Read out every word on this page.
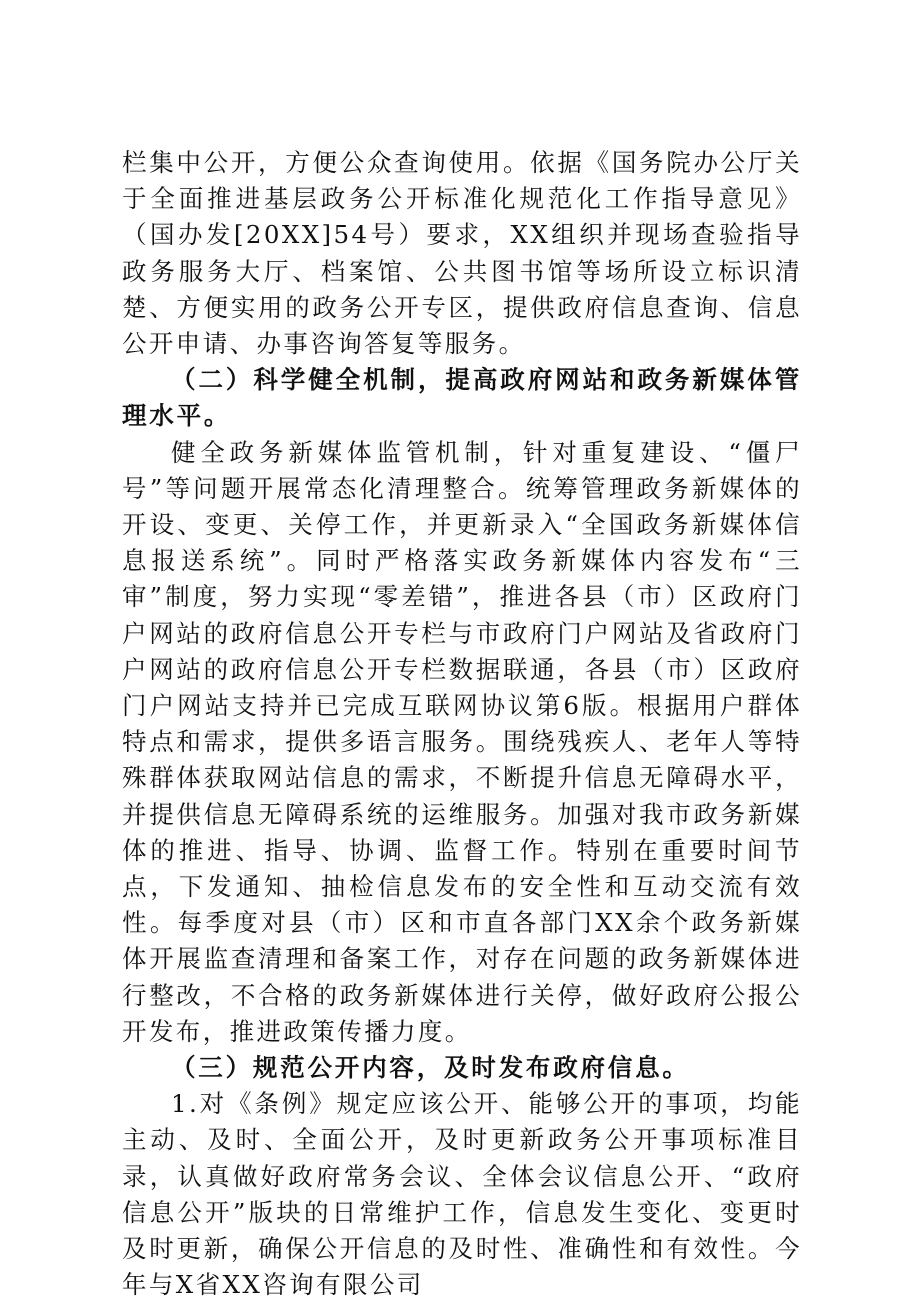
栏集中公开，方便公众查询使用。依据《国务院办公厅关于全面推进基层政务公开标准化规范化工作指导意见》（国办发[20XX]54号）要求，XX组织并现场查验指导政务服务大厅、档案馆、公共图书馆等场所设立标识清楚、方便实用的政务公开专区，提供政府信息查询、信息公开申请、办事咨询答复等服务。

（二）科学健全机制，提高政府网站和政务新媒体管理水平。

健全政务新媒体监管机制，针对重复建设、“僵尸号”等问题开展常态化清理整合。统筹管理政务新媒体的开设、变更、关停工作，并更新录入“全国政务新媒体信息报送系统”。同时严格落实政务新媒体内容发布“三审”制度，努力实现“零差错”，推进各县（市）区政府门户网站的政府信息公开专栏与市政府门户网站及省政府门户网站的政府信息公开专栏数据联通，各县（市）区政府门户网站支持并已完成互联网协议第6版。根据用户群体特点和需求，提供多语言服务。围绕残疾人、老年人等特殊群体获取网站信息的需求，不断提升信息无障碍水平，并提供信息无障碍系统的运维服务。加强对我市政务新媒体的推进、指导、协调、监督工作。特别在重要时间节点，下发通知、抽检信息发布的安全性和互动交流有效性。每季度对县（市）区和市直各部门XX余个政务新媒体开展监查清理和备案工作，对存在问题的政务新媒体进行整改，不合格的政务新媒体进行关停，做好政府公报公开发布，推进政策传播力度。

（三）规范公开内容，及时发布政府信息。

1.对《条例》规定应该公开、能够公开的事项，均能主动、及时、全面公开，及时更新政务公开事项标准目录，认真做好政府常务会议、全体会议信息公开、“政府信息公开”版块的日常维护工作，信息发生变化、变更时及时更新，确保公开信息的及时性、准确性和有效性。今年与X省XX咨询有限公司
